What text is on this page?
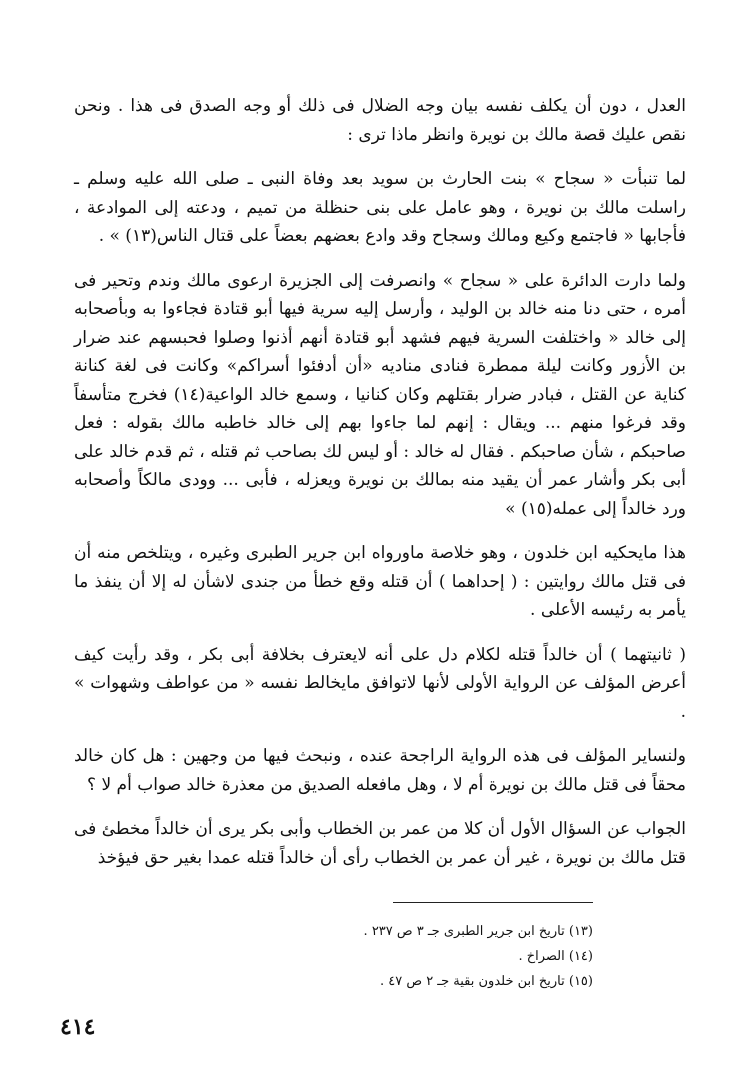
العدل ، دون أن يكلف نفسه بيان وجه الضلال فى ذلك أو وجه الصدق فى هذا . ونحن نقص عليك قصة مالك بن نويرة وانظر ماذا ترى :

لما تنبأت « سجاح » بنت الحارث بن سويد بعد وفاة النبى ـ صلى الله عليه وسلم ـ راسلت مالك بن نويرة ، وهو عامل على بنى حنظلة من تميم ، ودعته إلى الموادعة ، فأجابها « فاجتمع وكيع ومالك وسجاح وقد وادع بعضهم بعضاً على قتال الناس(١٣) » .

ولما دارت الدائرة على « سجاح » وانصرفت إلى الجزيرة ارعوى مالك وندم وتحير فى أمره ، حتى دنا منه خالد بن الوليد ، وأرسل إليه سرية فيها أبو قتادة فجاءوا به وبأصحابه إلى خالد « واختلفت السرية فيهم فشهد أبو قتادة أنهم أذنوا وصلوا فحبسهم عند ضرار بن الأزور وكانت ليلة ممطرة فنادى مناديه «أن أدفئوا أسراكم» وكانت فى لغة كنانة كناية عن القتل ، فبادر ضرار بقتلهم وكان كنانيا ، وسمع خالد الواعية(١٤) فخرج متأسفاً وقد فرغوا منهم ... ويقال : إنهم لما جاءوا بهم إلى خالد خاطبه مالك بقوله : فعل صاحبكم ، شأن صاحبكم . فقال له خالد : أو ليس لك بصاحب ثم قتله ، ثم قدم خالد على أبى بكر وأشار عمر أن يقيد منه بمالك بن نويرة ويعزله ، فأبى ... وودى مالكاً وأصحابه ورد خالداً إلى عمله(١٥) »

هذا مايحكيه ابن خلدون ، وهو خلاصة ماورواه ابن جرير الطبرى وغيره ، ويتلخص منه أن فى قتل مالك روايتين : ( إحداهما ) أن قتله وقع خطأ من جندى لاشأن له إلا أن ينفذ ما يأمر به رئيسه الأعلى .

( ثانيتهما ) أن خالداً قتله لكلام دل على أنه لايعترف بخلافة أبى بكر ، وقد رأيت كيف أعرض المؤلف عن الرواية الأولى لأنها لاتوافق مايخالط نفسه « من عواطف وشهوات » .

ولنساير المؤلف فى هذه الرواية الراجحة عنده ، ونبحث فيها من وجهين : هل كان خالد محقاً فى قتل مالك بن نويرة أم لا ، وهل مافعله الصديق من معذرة خالد صواب أم لا ؟

الجواب عن السؤال الأول أن كلا من عمر بن الخطاب وأبى بكر يرى أن خالداً مخطئ فى قتل مالك بن نويرة ، غير أن عمر بن الخطاب رأى أن خالداً قتله عمدا بغير حق فيؤخذ

(١٣) تاريخ ابن جرير الطبرى جـ ٣ ص ٢٣٧ .

(١٤) الصراخ .

(١٥) تاريخ ابن خلدون بقية جـ ٢ ص ٤٧ .

٤١٤
